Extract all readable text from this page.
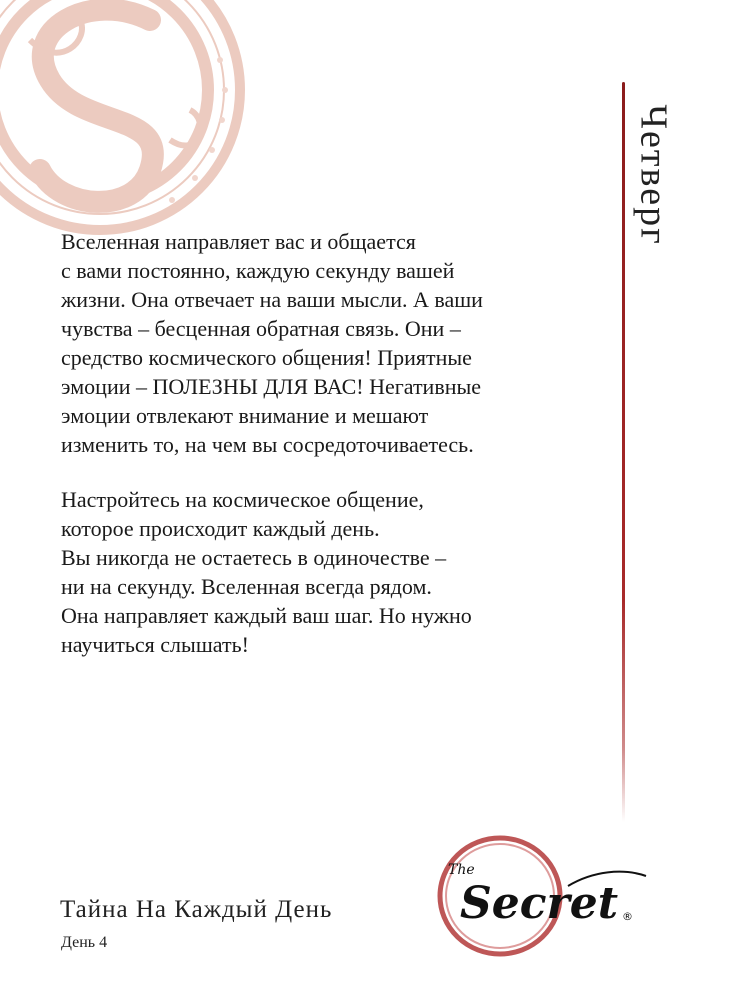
Четверг

Вселенная направляет вас и общается
с вами постоянно, каждую секунду вашей
жизни. Она отвечает на ваши мысли. А ваши
чувства – бесценная обратная связь. Они –
средство космического общения! Приятные
эмоции – ПОЛЕЗНЫ ДЛЯ ВАС! Негативные
эмоции отвлекают внимание и мешают
изменить то, на чем вы сосредоточиваетесь.

Настройтесь на космическое общение,
которое происходит каждый день.
Вы никогда не остаетесь в одиночестве –
ни на секунду. Вселенная всегда рядом.
Она направляет каждый ваш шаг. Но нужно
научиться слышать!

Тайна На Каждый День
День 4
The
Secret ®
